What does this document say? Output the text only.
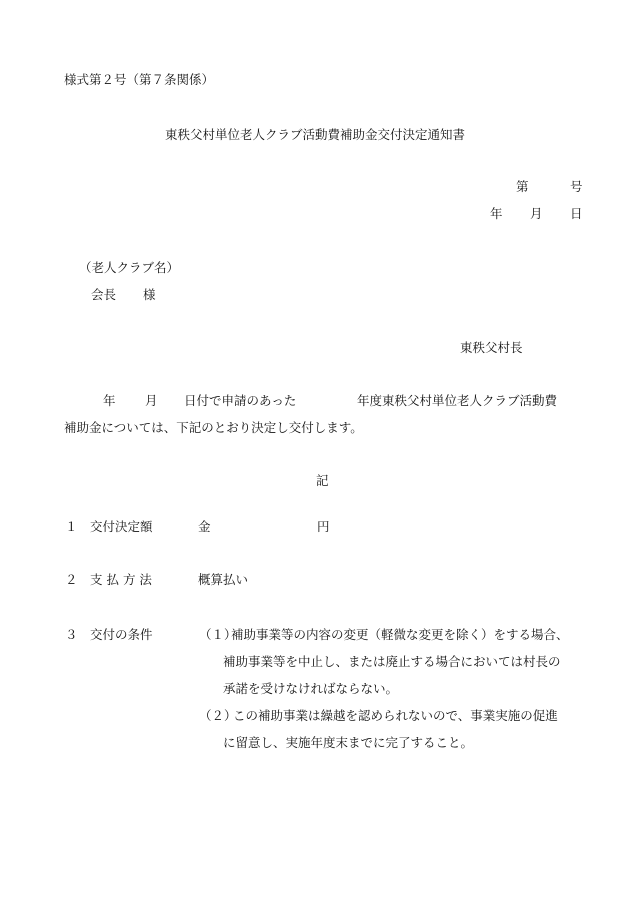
様式第２号（第７条関係）
東秩父村単位老人クラブ活動費補助金交付決定通知書
第	号
年 月 日
（老人クラブ名）
会長 様
東秩父村長
年 月 日付で申請のあった	年度東秩父村単位老人クラブ活動費
補助金については、下記のとおり決定し交付します。
記
１ 交付決定額	金	円
２ 支 払 方 法	概算払い
３ 交付の条件	（１）
補助事業等の内容の変更（軽微な変更を除く）をする場合、
補助事業等を中止し、または廃止する場合においては村長の
承諾を受けなければならない。
（２）
この補助事業は繰越を認められないので、事業実施の促進
に留意し、実施年度末までに完了すること。
